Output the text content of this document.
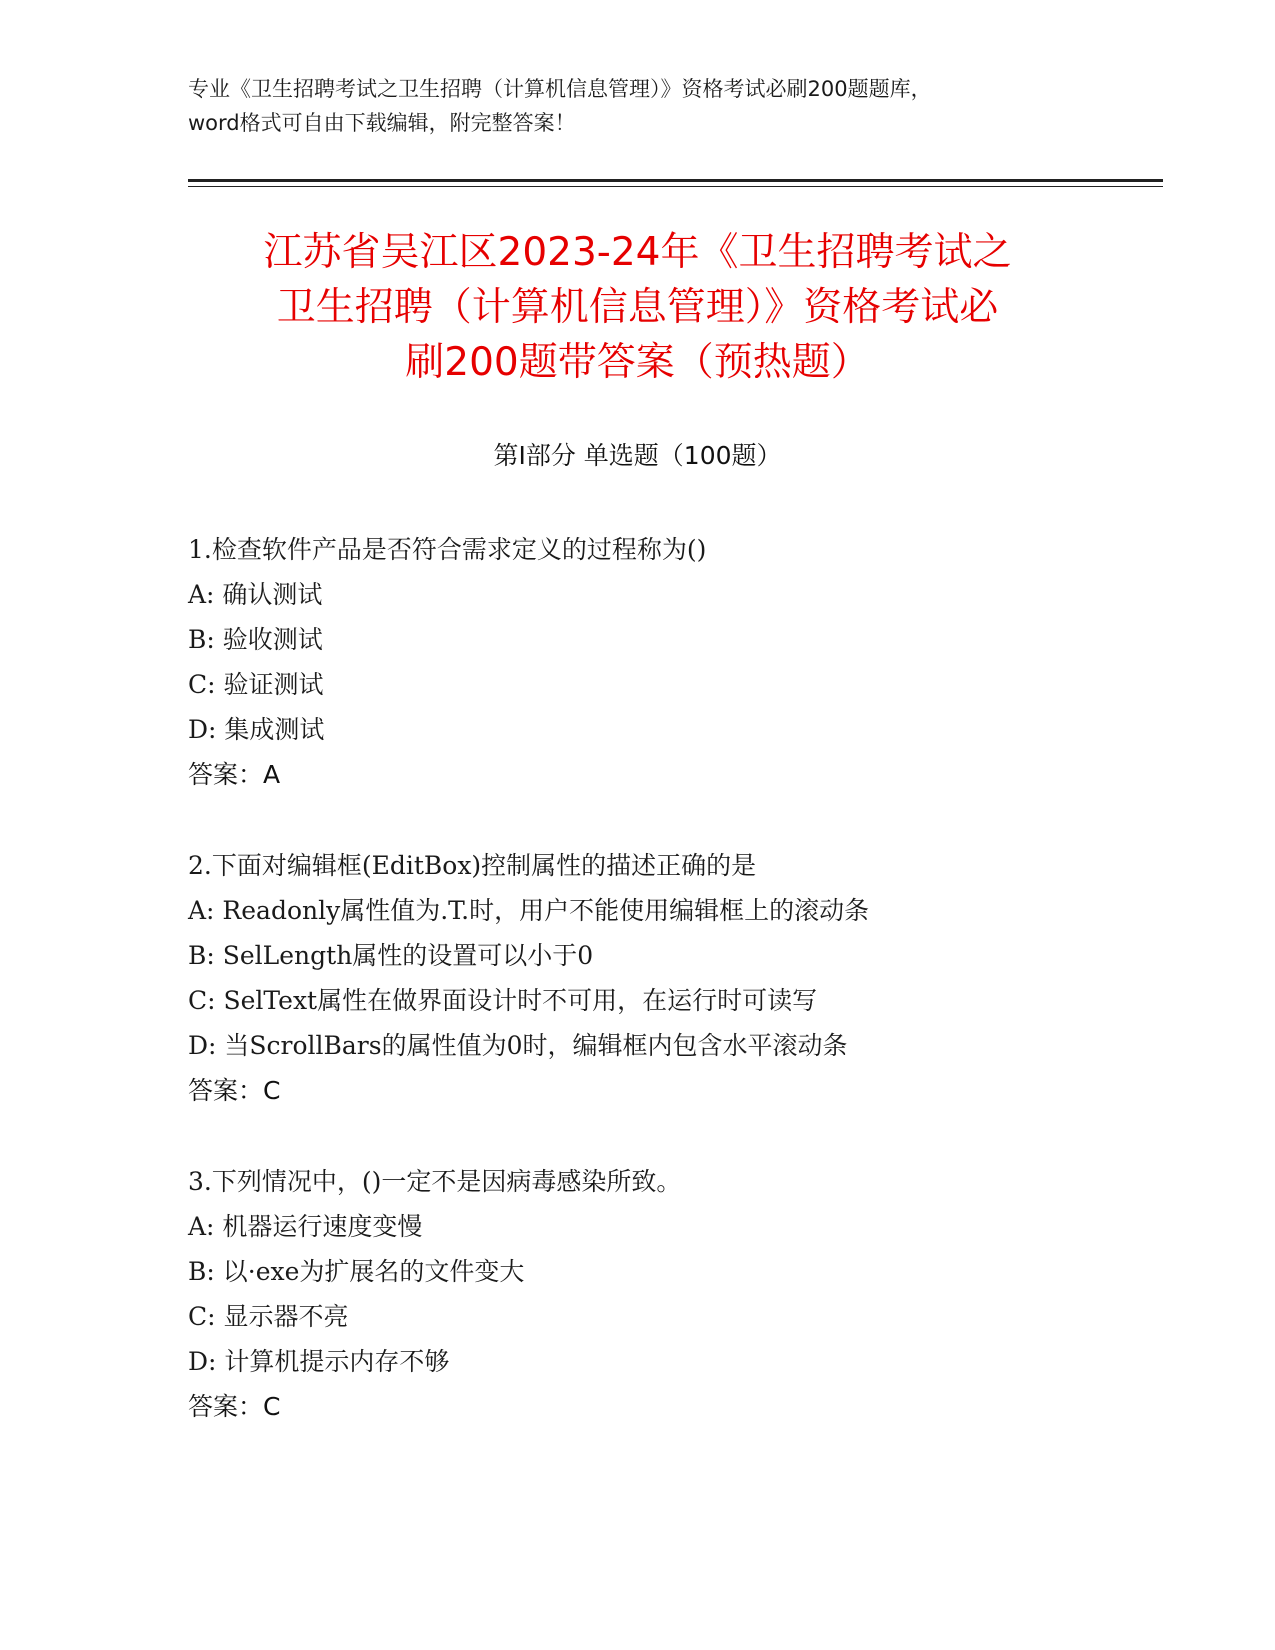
专业《卫生招聘考试之卫生招聘（计算机信息管理）》资格考试必刷200题题库，
word格式可自由下载编辑，附完整答案！
江苏省吴江区2023-24年《卫生招聘考试之
卫生招聘（计算机信息管理）》资格考试必
刷200题带答案（预热题）
第Ⅰ部分 单选题（100题）
1.检查软件产品是否符合需求定义的过程称为()
A: 确认测试
B: 验收测试
C: 验证测试
D: 集成测试
答案：A
2.下面对编辑框(EditBox)控制属性的描述正确的是
A: Readonly属性值为.T.时，用户不能使用编辑框上的滚动条
B: SelLength属性的设置可以小于0
C: SelText属性在做界面设计时不可用，在运行时可读写
D: 当ScrollBars的属性值为0时，编辑框内包含水平滚动条
答案：C
3.下列情况中，()一定不是因病毒感染所致。
A: 机器运行速度变慢
B: 以·exe为扩展名的文件变大
C: 显示器不亮
D: 计算机提示内存不够
答案：C
